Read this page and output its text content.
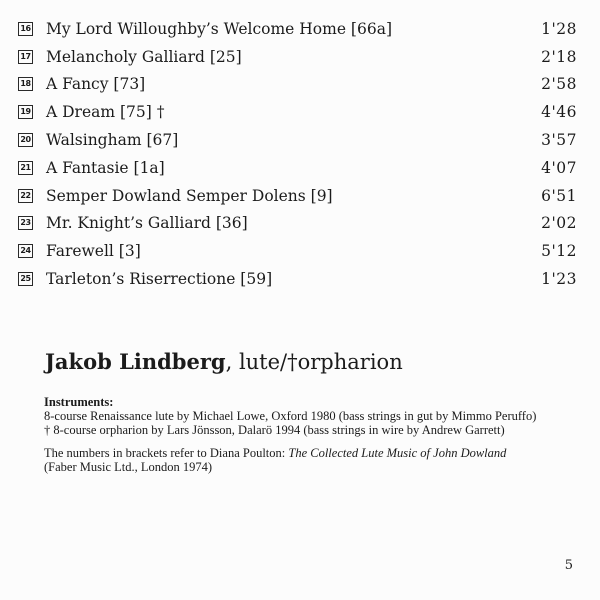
16 My Lord Willoughby’s Welcome Home [66a]	1'28
17 Melancholy Galliard [25]	2'18
18 A Fancy [73]	2'58
19 A Dream [75] †	4'46
20 Walsingham [67]	3'57
21 A Fantasie [1a]	4'07
22 Semper Dowland Semper Dolens [9]	6'51
23 Mr. Knight’s Galliard [36]	2'02
24 Farewell [3]	5'12
25 Tarleton’s Riserrectione [59]	1'23
Jakob Lindberg, lute/†orpharion
Instruments:
8-course Renaissance lute by Michael Lowe, Oxford 1980 (bass strings in gut by Mimmo Peruffo)
† 8-course orpharion by Lars Jönsson, Dalarö 1994 (bass strings in wire by Andrew Garrett)
The numbers in brackets refer to Diana Poulton: The Collected Lute Music of John Dowland
(Faber Music Ltd., London 1974)
5
